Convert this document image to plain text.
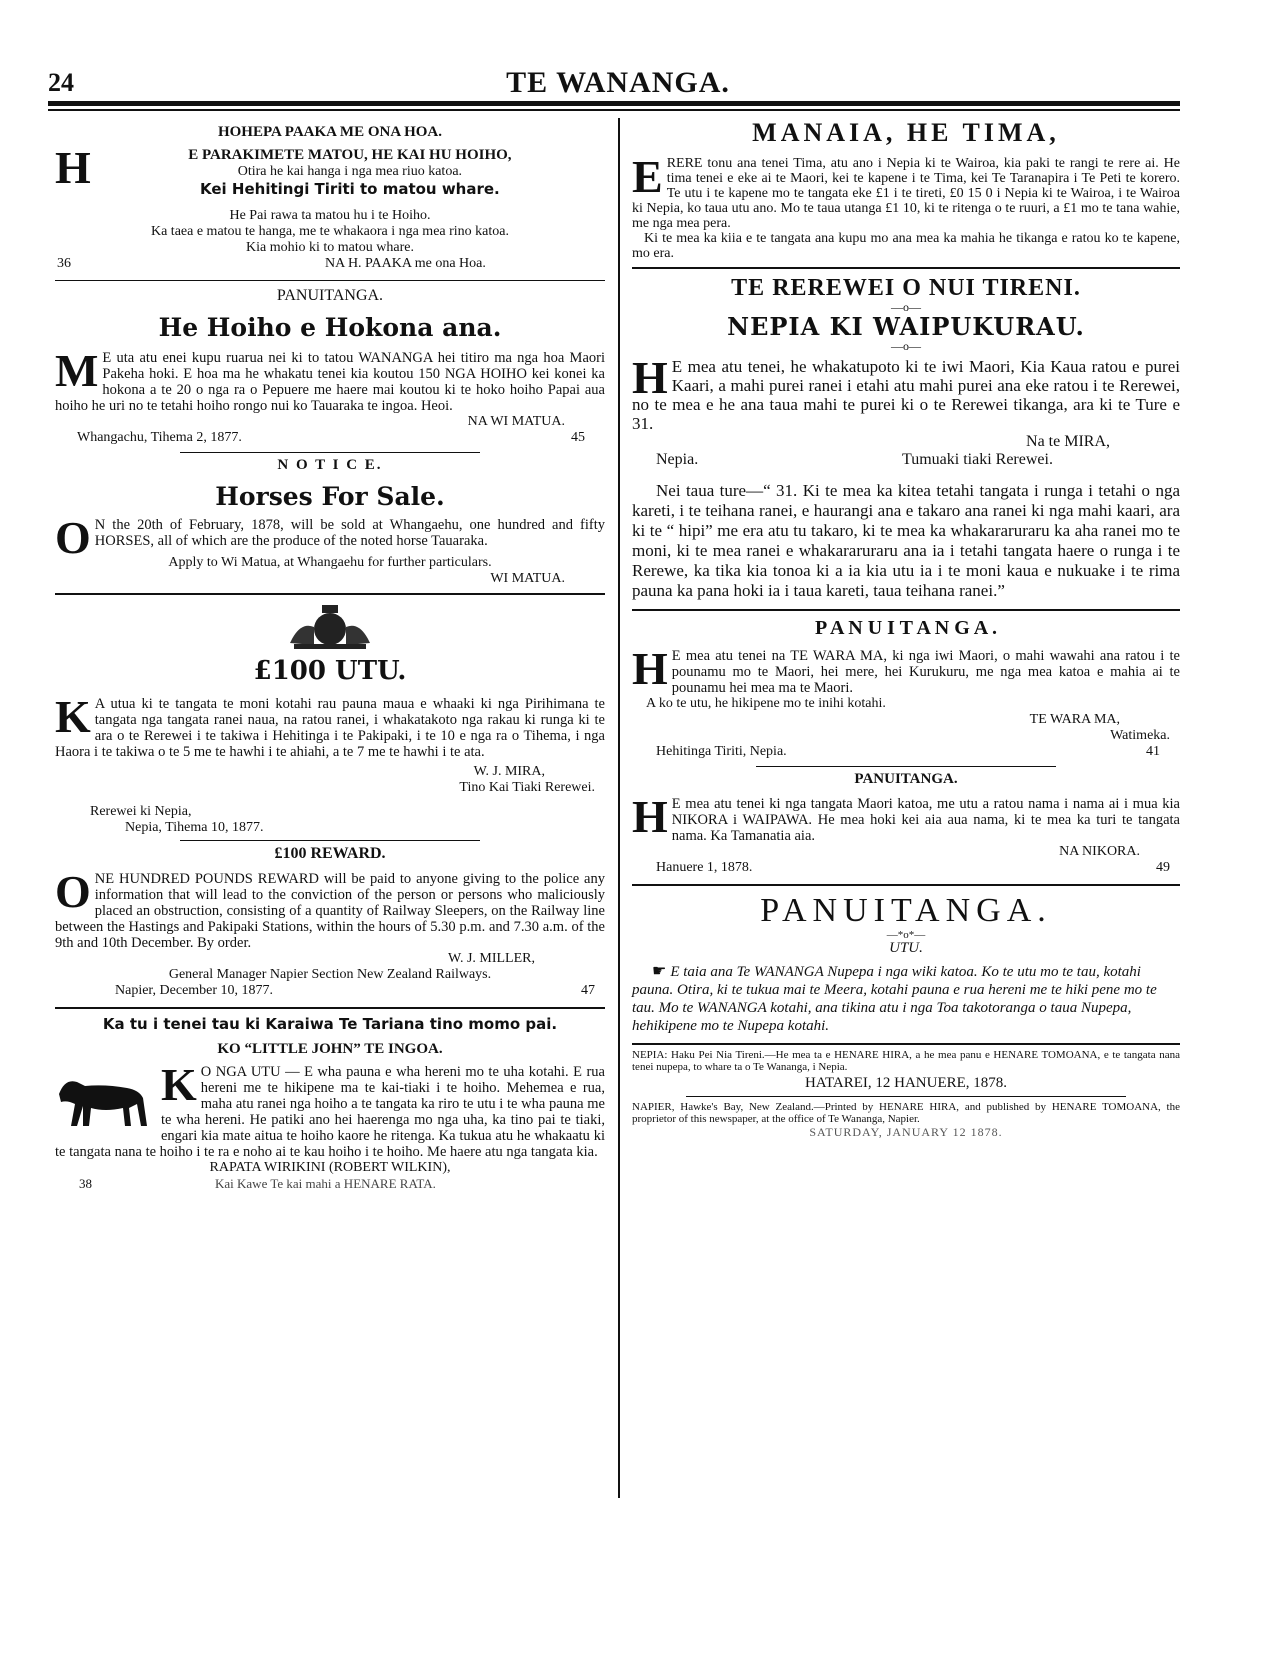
24	TE WANANGA.
HOHEPA PAAKA ME ONA HOA.
H	E PARAKIMETE MATOU, HE KAI HU HOIHO,

Otira he kai hanga i nga mea riuo katoa.

Kei Hehitingi Tiriti to matou whare.

He Pai rawa ta matou hu i te Hoiho.

Ka taea e matou te hanga, me te whakaora i nga mea rino katoa.

Kia mohio ki to matou whare.

36	NA H. PAAKA me ona Hoa.
PANUITANGA.
He Hoiho e Hokona ana.
M E uta atu enei kupu ruarua nei ki to tatou WANANGA hei titiro ma nga hoa Maori Pakeha hoki. E hoa ma he whakatu tenei kia koutou 150 NGA HOIHO kei konei ka hokona a te 20 o nga ra o Pepuere me haere mai koutou ki te hoko hoiho Papai aua hoiho he uri no te tetahi hoiho rongo nui ko Tauaraka te ingoa. Heoi.

NA WI MATUA.

Whangachu, Tihema 2, 1877.	45
N O T I C E.
Horses For Sale.
O N the 20th of February, 1878, will be sold at Whangaehu, one hundred and fifty HORSES, all of which are the produce of the noted horse Tauaraka.

Apply to Wi Matua, at Whangaehu for further particulars.

WI MATUA.

£100 UTU.
K A utua ki te tangata te moni kotahi rau pauna maua e whaaki ki nga Pirihimana te tangata nga tangata ranei naua, na ratou ranei, i whakatakoto nga rakau ki runga ki te ara o te Rerewei i te takiwa i Hehitinga i te Pakipaki, i te 10 e nga ra o Tihema, i nga Haora i te takiwa o te 5 me te hawhi i te ahiahi, a te 7 me te hawhi i te ata.

W. J. MIRA,

Tino Kai Tiaki Rerewei.

Rerewei ki Nepia,

Nepia, Tihema 10, 1877.

£100 REWARD.
O NE HUNDRED POUNDS REWARD will be paid to anyone giving to the police any information that will lead to the conviction of the person or persons who maliciously placed an obstruction, consisting of a quantity of Railway Sleepers, on the Railway line between the Hastings and Pakipaki Stations, within the hours of 5.30 p.m. and 7.30 a.m. of the 9th and 10th December. By order.

W. J. MILLER,

General Manager Napier Section New Zealand Railways.

Napier, December 10, 1877.	47
Ka tu i tenei tau ki Karaiwa Te Tariana tino momo pai.
KO “LITTLE JOHN” TE INGOA.
K O NGA UTU — E wha pauna e wha hereni mo te uha kotahi. E rua hereni me te hikipene ma te kai-tiaki i te hoiho. Mehemea e rua, maha atu ranei nga hoiho a te tangata ka riro te utu i te wha pauna me te wha hereni. He patiki ano hei haerenga mo nga uha, ka tino pai te tiaki, engari kia mate aitua te hoiho kaore he ritenga. Ka tukua atu he whakaatu ki te tangata nana te hoiho i te ra e noho ai te kau hoiho i te hoiho. Me haere atu nga tangata kia.

RAPATA WIRIKINI (ROBERT WILKIN),

38	Kai Kawe Te kai mahi a HENARE RATA.
MANAIA, HE TIMA,
E RERE tonu ana tenei Tima, atu ano i Nepia ki te Wairoa, kia paki te rangi te rere ai. He tima tenei e eke ai te Maori, kei te kapene i te Tima, kei Te Taranapira i Te Peti te korero. Te utu i te kapene mo te tangata eke £1 i te tireti, £0 15 0 i Nepia ki te Wairoa, i te Wairoa ki Nepia, ko taua utu ano. Mo te taua utanga £1 10, ki te ritenga o te ruuri, a £1 mo te tana wahie, me nga mea pera.

Ki te mea ka kiia e te tangata ana kupu mo ana mea ka mahia he tikanga e ratou ko te kapene, mo era.

TE REREWEI O NUI TIRENI.
—o—
NEPIA KI WAIPUKURAU.
—o—
H E mea atu tenei, he whakatupoto ki te iwi Maori, Kia Kaua ratou e purei Kaari, a mahi purei ranei i etahi atu mahi purei ana eke ratou i te Rerewei, no te mea e he ana taua mahi te purei ki o te Rerewei tikanga, ara ki te Ture e 31.

Na te MIRA,

Nepia.	Tumuaki tiaki Rerewei.

Nei taua ture—“ 31. Ki te mea ka kitea tetahi tangata i runga i tetahi o nga kareti, i te teihana ranei, e haurangi ana e takaro ana ranei ki nga mahi kaari, ara ki te “ hipi” me era atu tu takaro, ki te mea ka whakararuraru ka aha ranei mo te moni, ki te mea ranei e whakararuraru ana ia i tetahi tangata haere o runga i te Rerewe, ka tika kia tonoa ki a ia kia utu ia i te moni kaua e nukuake i te rima pauna ka pana hoki ia i taua kareti, taua teihana ranei.”

P A N U I T A N G A .
H E mea atu tenei na TE WARA MA, ki nga iwi Maori, o mahi wawahi ana ratou i te pounamu mo te Maori, hei mere, hei Kurukuru, me nga mea katoa e mahia ai te pounamu hei mea ma te Maori.

A ko te utu, he hikipene mo te inihi kotahi.

TE WARA MA,

Watimeka.

Hehitinga Tiriti, Nepia.	41
PANUITANGA.
H E mea atu tenei ki nga tangata Maori katoa, me utu a ratou nama i nama ai i mua kia NIKORA i WAIPAWA. He mea hoki kei aia aua nama, ki te mea ka turi te tangata nama. Ka Tamanatia aia.

NA NIKORA.

Hanuere 1, 1878.	49
PANUITANGA.
—*o*—
UTU.
☛ E taia ana Te WANANGA Nupepa i nga wiki katoa. Ko te utu mo te tau, kotahi pauna. Otira, ki te tukua mai te Meera, kotahi pauna e rua hereni me te hiki pene mo te tau. Mo te WANANGA kotahi, ana tikina atu i nga Toa takotoranga o taua Nupepa, hehikipene mo te Nupepa kotahi.

NEPIA: Haku Pei Nia Tireni.—He mea ta e HENARE HIRA, a he mea panu e HENARE TOMOANA, e te tangata nana tenei nupepa, to whare ta o Te Wananga, i Nepia.

HATAREI, 12 HANUERE, 1878.

NAPIER, Hawke's Bay, New Zealand.—Printed by HENARE HIRA, and published by HENARE TOMOANA, the proprietor of this newspaper, at the office of Te Wananga, Napier.

SATURDAY, JANUARY 12 1878.
